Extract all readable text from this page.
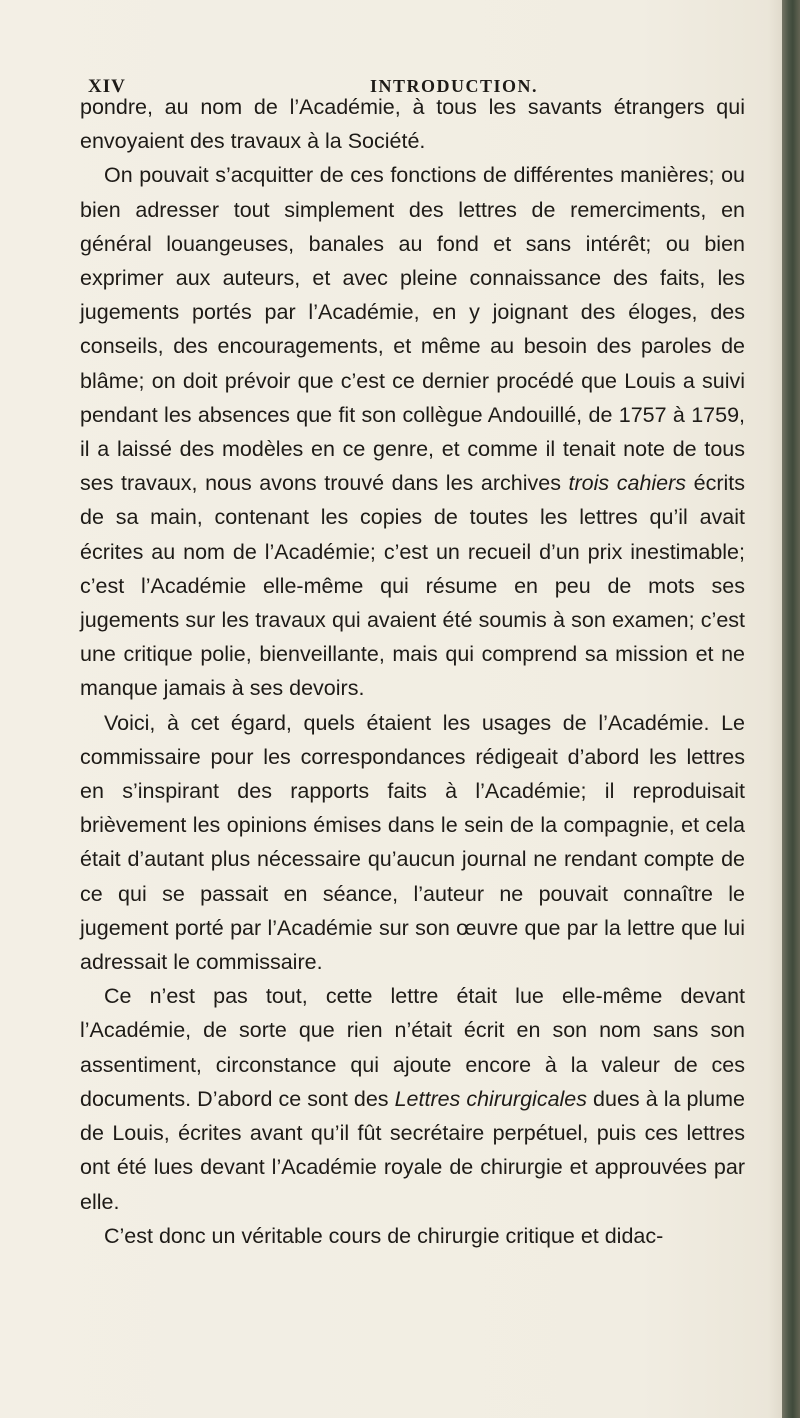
XIV	INTRODUCTION.

pondre, au nom de l’Académie, à tous les savants étrangers qui envoyaient des travaux à la Société.

On pouvait s’acquitter de ces fonctions de différentes manières; ou bien adresser tout simplement des lettres de remerciments, en général louangeuses, banales au fond et sans intérêt; ou bien exprimer aux auteurs, et avec pleine connaissance des faits, les jugements portés par l’Académie, en y joignant des éloges, des conseils, des encouragements, et même au besoin des paroles de blâme; on doit prévoir que c’est ce dernier procédé que Louis a suivi pendant les absences que fit son collègue Andouillé, de 1757 à 1759, il a laissé des modèles en ce genre, et comme il tenait note de tous ses travaux, nous avons trouvé dans les archives trois cahiers écrits de sa main, contenant les copies de toutes les lettres qu’il avait écrites au nom de l’Académie; c’est un recueil d’un prix inestimable; c’est l’Académie elle-même qui résume en peu de mots ses jugements sur les travaux qui avaient été soumis à son examen; c’est une critique polie, bienveillante, mais qui comprend sa mission et ne manque jamais à ses devoirs.

Voici, à cet égard, quels étaient les usages de l’Académie. Le commissaire pour les correspondances rédigeait d’abord les lettres en s’inspirant des rapports faits à l’Académie; il reproduisait brièvement les opinions émises dans le sein de la compagnie, et cela était d’autant plus nécessaire qu’aucun journal ne rendant compte de ce qui se passait en séance, l’auteur ne pouvait connaître le jugement porté par l’Académie sur son œuvre que par la lettre que lui adressait le commissaire.

Ce n’est pas tout, cette lettre était lue elle-même devant l’Académie, de sorte que rien n’était écrit en son nom sans son assentiment, circonstance qui ajoute encore à la valeur de ces documents. D’abord ce sont des Lettres chirurgicales dues à la plume de Louis, écrites avant qu’il fût secrétaire perpétuel, puis ces lettres ont été lues devant l’Académie royale de chirurgie et approuvées par elle.

C’est donc un véritable cours de chirurgie critique et didac-
